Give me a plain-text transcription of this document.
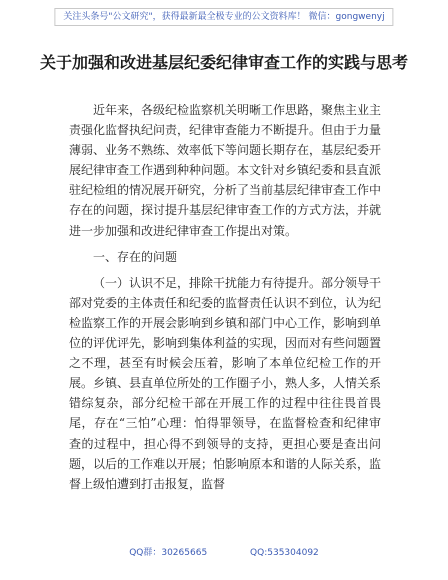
关注头条号"公文研究"，获得最新最全极专业的公文资料库！ 微信：gongwenyj
关于加强和改进基层纪委纪律审查工作的实践与思考

近年来，各级纪检监察机关明晰工作思路，聚焦主业主责强化监督执纪问责，纪律审查能力不断提升。但由于力量薄弱、业务不熟练、效率低下等问题长期存在，基层纪委开展纪律审查工作遇到种种问题。本文针对乡镇纪委和县直派驻纪检组的情况展开研究，分析了当前基层纪律审查工作中存在的问题，探讨提升基层纪律审查工作的方式方法，并就进一步加强和改进纪律审查工作提出对策。

一、存在的问题

（一）认识不足，排除干扰能力有待提升。部分领导干部对党委的主体责任和纪委的监督责任认识不到位，认为纪检监察工作的开展会影响到乡镇和部门中心工作，影响到单位的评优评先，影响到集体利益的实现，因而对有些问题置之不理，甚至有时候会压着，影响了本单位纪检工作的开展。乡镇、县直单位所处的工作圈子小，熟人多，人情关系错综复杂，部分纪检干部在开展工作的过程中往往畏首畏尾，存在“三怕”心理：怕得罪领导，在监督检查和纪律审查的过程中，担心得不到领导的支持，更担心要是查出问题，以后的工作难以开展；怕影响原本和谐的人际关系，监督上级怕遭到打击报复，监督

QQ群：30265665	QQ:535304092
